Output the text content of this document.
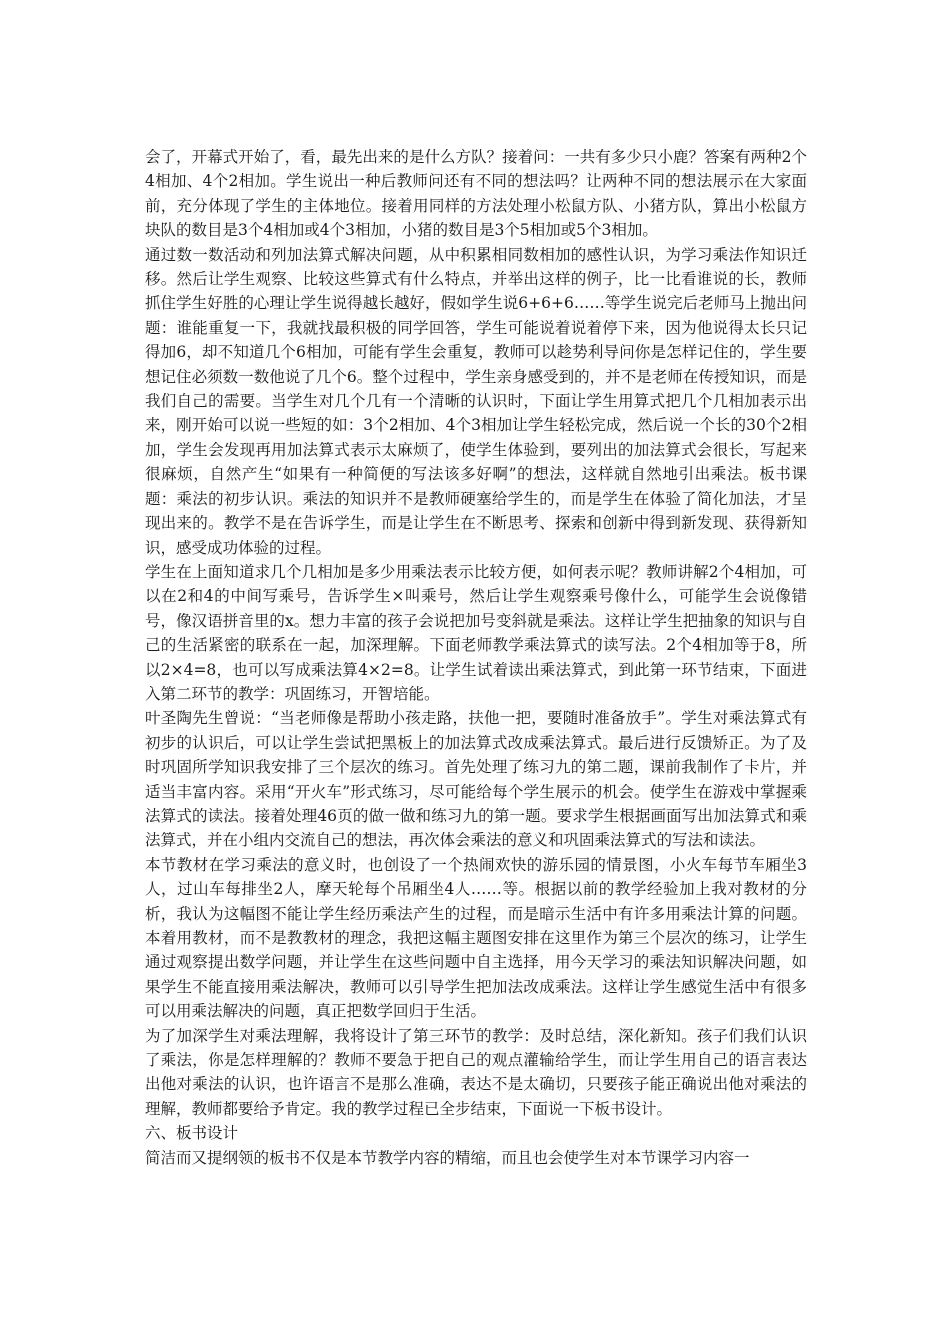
会了，开幕式开始了，看，最先出来的是什么方队？接着问：一共有多少只小鹿？答案有两种2个4相加、4个2相加。学生说出一种后教师问还有不同的想法吗？让两种不同的想法展示在大家面前，充分体现了学生的主体地位。接着用同样的方法处理小松鼠方队、小猪方队，算出小松鼠方块队的数目是3个4相加或4个3相加，小猪的数目是3个5相加或5个3相加。

通过数一数活动和列加法算式解决问题，从中积累相同数相加的感性认识，为学习乘法作知识迁移。然后让学生观察、比较这些算式有什么特点，并举出这样的例子，比一比看谁说的长，教师抓住学生好胜的心理让学生说得越长越好，假如学生说6+6+6……等学生说完后老师马上抛出问题：谁能重复一下，我就找最积极的同学回答，学生可能说着说着停下来，因为他说得太长只记得加6，却不知道几个6相加，可能有学生会重复，教师可以趁势利导问你是怎样记住的，学生要想记住必须数一数他说了几个6。整个过程中，学生亲身感受到的，并不是老师在传授知识，而是我们自己的需要。当学生对几个几有一个清晰的认识时，下面让学生用算式把几个几相加表示出来，刚开始可以说一些短的如：3个2相加、4个3相加让学生轻松完成，然后说一个长的30个2相加，学生会发现再用加法算式表示太麻烦了，使学生体验到，要列出的加法算式会很长，写起来很麻烦，自然产生“如果有一种简便的写法该多好啊”的想法，这样就自然地引出乘法。板书课题：乘法的初步认识。乘法的知识并不是教师硬塞给学生的，而是学生在体验了简化加法，才呈现出来的。教学不是在告诉学生，而是让学生在不断思考、探索和创新中得到新发现、获得新知识，感受成功体验的过程。

学生在上面知道求几个几相加是多少用乘法表示比较方便，如何表示呢？教师讲解2个4相加，可以在2和4的中间写乘号，告诉学生×叫乘号，然后让学生观察乘号像什么，可能学生会说像错号，像汉语拼音里的x。想力丰富的孩子会说把加号变斜就是乘法。这样让学生把抽象的知识与自己的生活紧密的联系在一起，加深理解。下面老师教学乘法算式的读写法。2个4相加等于8，所以2×4=8，也可以写成乘法算4×2=8。让学生试着读出乘法算式，到此第一环节结束，下面进入第二环节的教学：巩固练习，开智培能。

叶圣陶先生曾说：“当老师像是帮助小孩走路，扶他一把，要随时准备放手”。学生对乘法算式有初步的认识后，可以让学生尝试把黑板上的加法算式改成乘法算式。最后进行反馈矫正。为了及时巩固所学知识我安排了三个层次的练习。首先处理了练习九的第二题，课前我制作了卡片，并适当丰富内容。采用“开火车”形式练习，尽可能给每个学生展示的机会。使学生在游戏中掌握乘法算式的读法。接着处理46页的做一做和练习九的第一题。要求学生根据画面写出加法算式和乘法算式，并在小组内交流自己的想法，再次体会乘法的意义和巩固乘法算式的写法和读法。

本节教材在学习乘法的意义时，也创设了一个热闹欢快的游乐园的情景图，小火车每节车厢坐3人，过山车每排坐2人，摩天轮每个吊厢坐4人……等。根据以前的教学经验加上我对教材的分析，我认为这幅图不能让学生经历乘法产生的过程，而是暗示生活中有许多用乘法计算的问题。本着用教材，而不是教教材的理念，我把这幅主题图安排在这里作为第三个层次的练习，让学生通过观察提出数学问题，并让学生在这些问题中自主选择，用今天学习的乘法知识解决问题，如果学生不能直接用乘法解决，教师可以引导学生把加法改成乘法。这样让学生感觉生活中有很多可以用乘法解决的问题，真正把数学回归于生活。

为了加深学生对乘法理解，我将设计了第三环节的教学：及时总结，深化新知。孩子们我们认识了乘法，你是怎样理解的？教师不要急于把自己的观点灌输给学生，而让学生用自己的语言表达出他对乘法的认识，也许语言不是那么准确，表达不是太确切，只要孩子能正确说出他对乘法的理解，教师都要给予肯定。我的教学过程已全步结束，下面说一下板书设计。

六、板书设计

简洁而又提纲领的板书不仅是本节教学内容的精缩，而且也会使学生对本节课学习内容一
